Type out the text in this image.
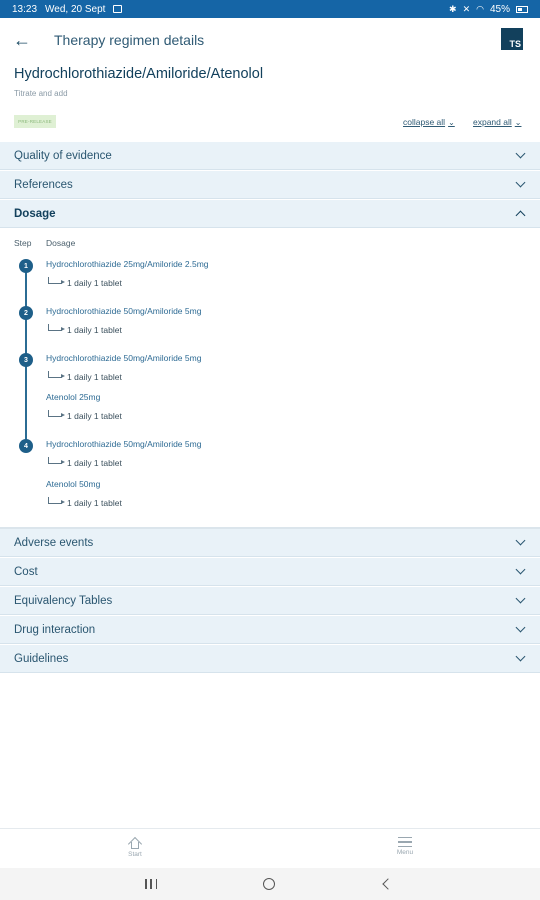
13:23 Wed, 20 Sept	✱ ✕ ◠ 45%
← Therapy regimen details	TS
Hydrochlorothiazide/Amiloride/Atenolol
Titrate and add
PRE-RELEASE	collapse all ⌄ expand all ⌄
Quality of evidence
References
Dosage
Step Dosage
1	Hydrochlorothiazide 25mg/Amiloride 2.5mg
1 daily 1 tablet
2	Hydrochlorothiazide 50mg/Amiloride 5mg
1 daily 1 tablet
3	Hydrochlorothiazide 50mg/Amiloride 5mg
1 daily 1 tablet
Atenolol 25mg
1 daily 1 tablet
4	Hydrochlorothiazide 50mg/Amiloride 5mg
1 daily 1 tablet
Atenolol 50mg
1 daily 1 tablet
Adverse events
Cost
Equivalency Tables
Drug interaction
Guidelines
Start	Menu
